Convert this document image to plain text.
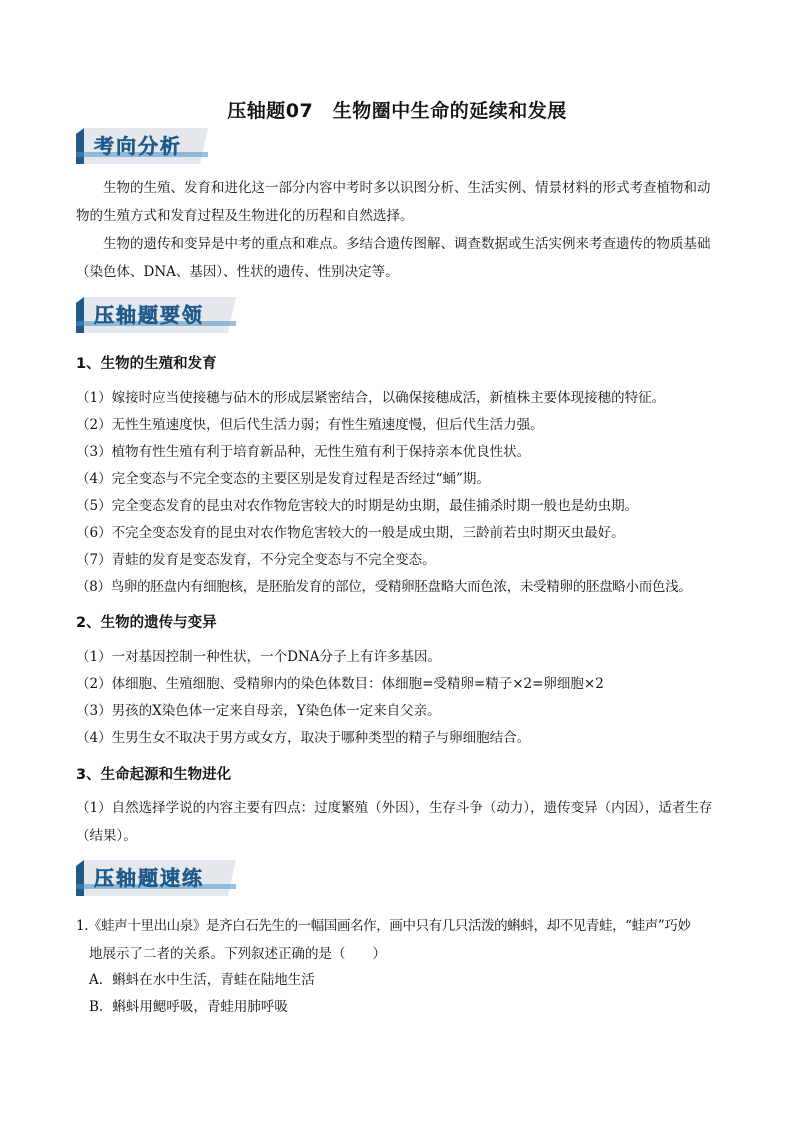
压轴题07　生物圈中生命的延续和发展
考向分析
生物的生殖、发育和进化这一部分内容中考时多以识图分析、生活实例、情景材料的形式考查植物和动物的生殖方式和发育过程及生物进化的历程和自然选择。
生物的遗传和变异是中考的重点和难点。多结合遗传图解、调查数据或生活实例来考查遗传的物质基础（染色体、DNA、基因）、性状的遗传、性别决定等。
压轴题要领
1、生物的生殖和发育
（1）嫁接时应当使接穗与砧木的形成层紧密结合，以确保接穗成活，新植株主要体现接穗的特征。
（2）无性生殖速度快，但后代生活力弱；有性生殖速度慢，但后代生活力强。
（3）植物有性生殖有利于培育新品种，无性生殖有利于保持亲本优良性状。
（4）完全变态与不完全变态的主要区别是发育过程是否经过“蛹”期。
（5）完全变态发育的昆虫对农作物危害较大的时期是幼虫期，最佳捕杀时期一般也是幼虫期。
（6）不完全变态发育的昆虫对农作物危害较大的一般是成虫期，三龄前若虫时期灭虫最好。
（7）青蛙的发育是变态发育，不分完全变态与不完全变态。
（8）鸟卵的胚盘内有细胞核，是胚胎发育的部位，受精卵胚盘略大而色浓，未受精卵的胚盘略小而色浅。
2、生物的遗传与变异
（1）一对基因控制一种性状，一个DNA分子上有许多基因。
（2）体细胞、生殖细胞、受精卵内的染色体数目：体细胞=受精卵=精子×2=卵细胞×2
（3）男孩的X染色体一定来自母亲，Y染色体一定来自父亲。
（4）生男生女不取决于男方或女方，取决于哪种类型的精子与卵细胞结合。
3、生命起源和生物进化
（1）自然选择学说的内容主要有四点：过度繁殖（外因），生存斗争（动力），遗传变异（内因），适者生存（结果）。
压轴题速练
1.《蛙声十里出山泉》是齐白石先生的一幅国画名作，画中只有几只活泼的蝌蚪，却不见青蛙，“蛙声”巧妙
地展示了二者的关系。下列叙述正确的是（　　）
A．蝌蚪在水中生活，青蛙在陆地生活
B．蝌蚪用鳃呼吸，青蛙用肺呼吸
